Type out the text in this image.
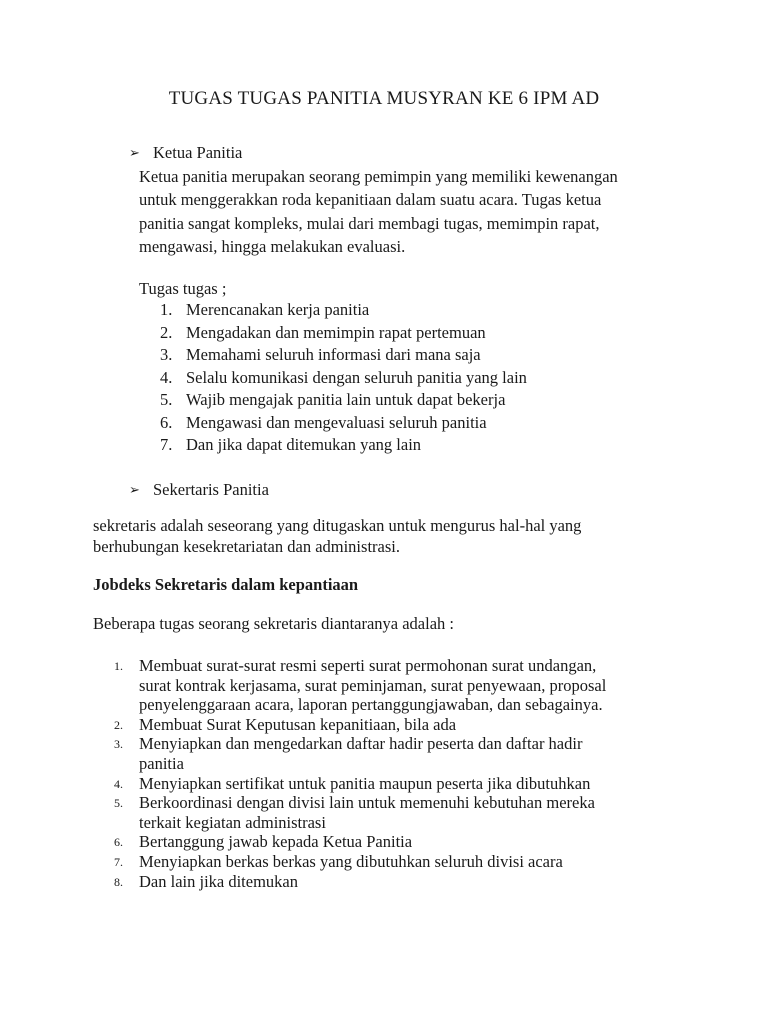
TUGAS TUGAS PANITIA MUSYRAN KE 6 IPM AD
➢ Ketua Panitia
Ketua panitia merupakan seorang pemimpin yang memiliki kewenangan
untuk menggerakkan roda kepanitiaan dalam suatu acara. Tugas ketua
panitia sangat kompleks, mulai dari membagi tugas, memimpin rapat,
mengawasi, hingga melakukan evaluasi.
Tugas tugas ;
1. Merencanakan kerja panitia
2. Mengadakan dan memimpin rapat pertemuan
3. Memahami seluruh informasi dari mana saja
4. Selalu komunikasi dengan seluruh panitia yang lain
5. Wajib mengajak panitia lain untuk dapat bekerja
6. Mengawasi dan mengevaluasi seluruh panitia
7. Dan jika dapat ditemukan yang lain
➢ Sekertaris Panitia
sekretaris adalah seseorang yang ditugaskan untuk mengurus hal-hal yang
berhubungan kesekretariatan dan administrasi.
Jobdeks Sekretaris dalam kepantiaan
Beberapa tugas seorang sekretaris diantaranya adalah :
1. Membuat surat-surat resmi seperti surat permohonan surat undangan,
surat kontrak kerjasama, surat peminjaman, surat penyewaan, proposal
penyelenggaraan acara, laporan pertanggungjawaban, dan sebagainya.
2. Membuat Surat Keputusan kepanitiaan, bila ada
3. Menyiapkan dan mengedarkan daftar hadir peserta dan daftar hadir
panitia
4. Menyiapkan sertifikat untuk panitia maupun peserta jika dibutuhkan
5. Berkoordinasi dengan divisi lain untuk memenuhi kebutuhan mereka
terkait kegiatan administrasi
6. Bertanggung jawab kepada Ketua Panitia
7. Menyiapkan berkas berkas yang dibutuhkan seluruh divisi acara
8. Dan lain jika ditemukan
